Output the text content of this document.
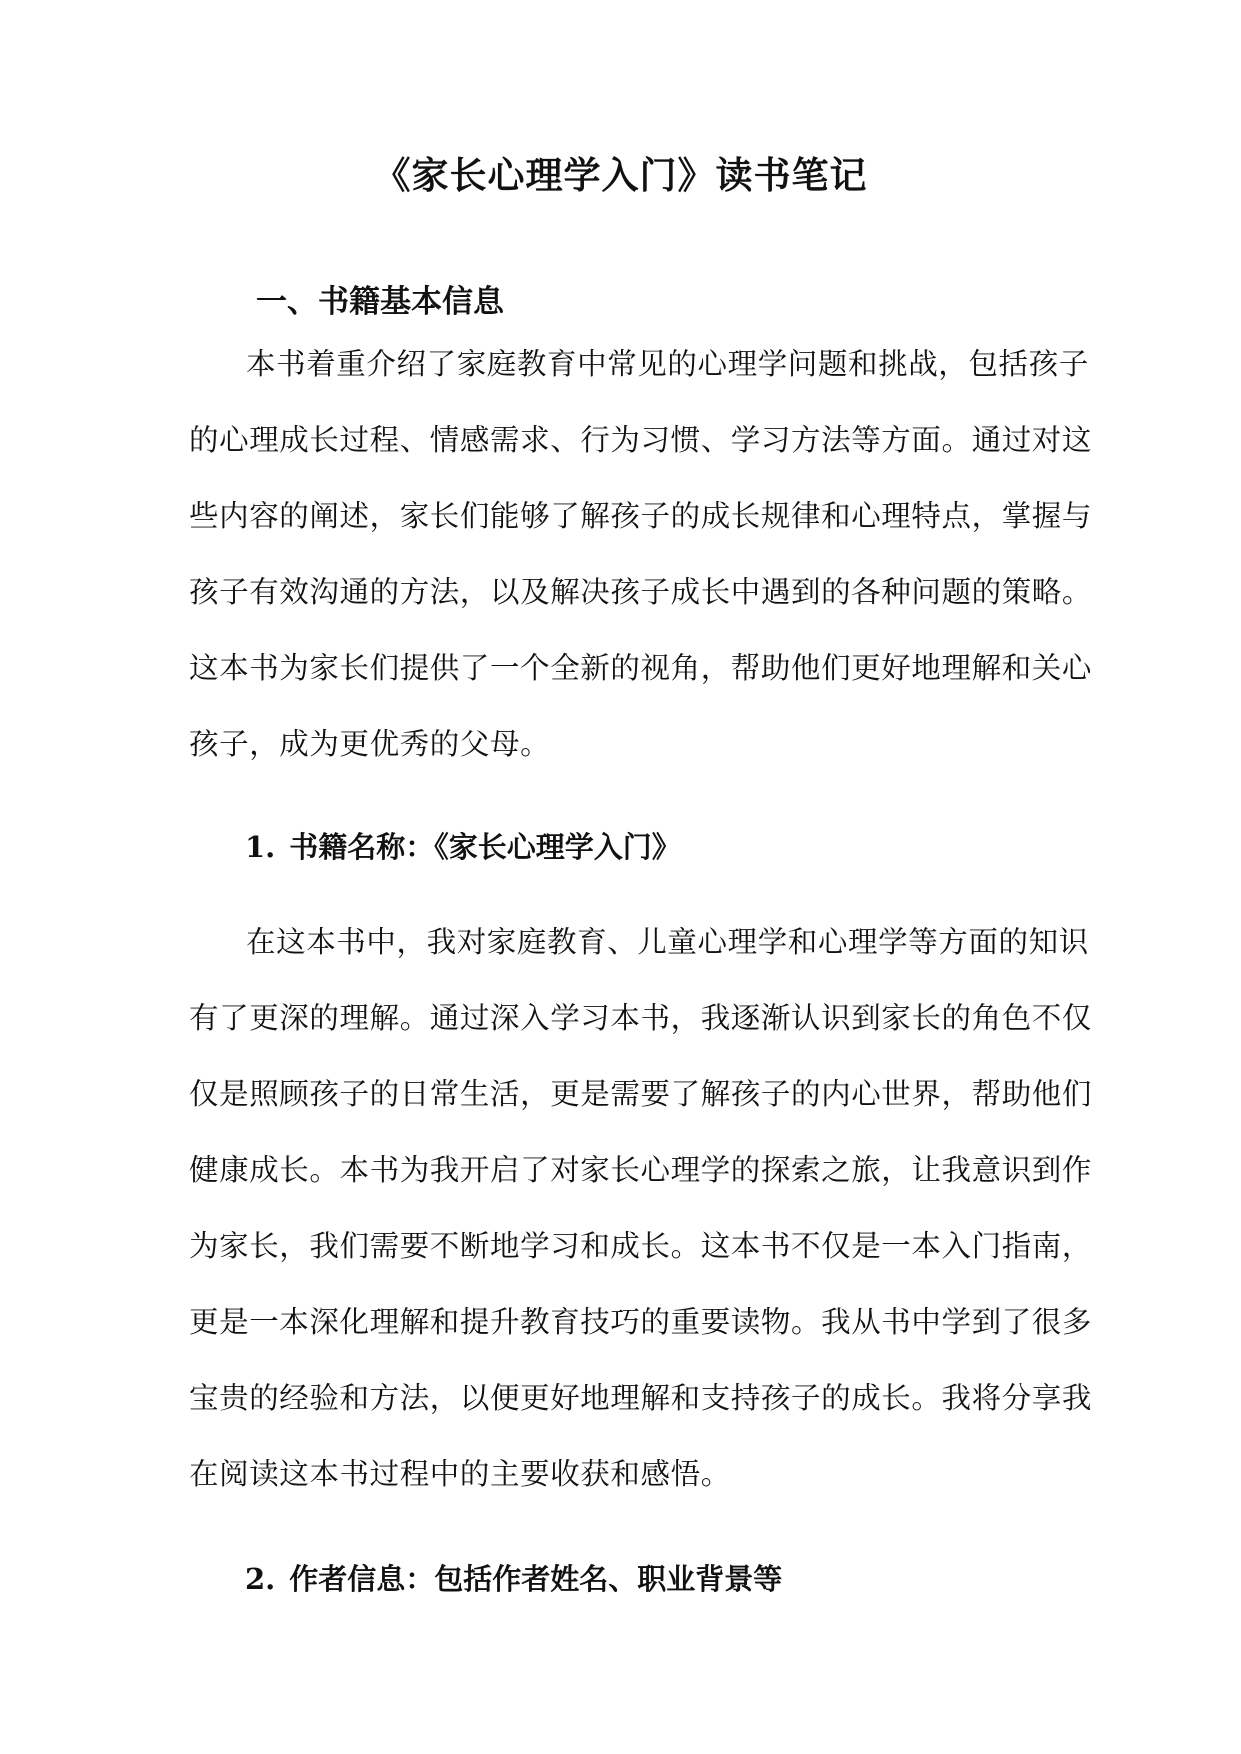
《家长心理学入门》读书笔记
一、书籍基本信息
本书着重介绍了家庭教育中常见的心理学问题和挑战，包括孩子
的心理成长过程、情感需求、行为习惯、学习方法等方面。通过对这
些内容的阐述，家长们能够了解孩子的成长规律和心理特点，掌握与
孩子有效沟通的方法，以及解决孩子成长中遇到的各种问题的策略。
这本书为家长们提供了一个全新的视角，帮助他们更好地理解和关心
孩子，成为更优秀的父母。
1. 书籍名称：《家长心理学入门》
在这本书中，我对家庭教育、儿童心理学和心理学等方面的知识
有了更深的理解。通过深入学习本书，我逐渐认识到家长的角色不仅
仅是照顾孩子的日常生活，更是需要了解孩子的内心世界，帮助他们
健康成长。本书为我开启了对家长心理学的探索之旅，让我意识到作
为家长，我们需要不断地学习和成长。这本书不仅是一本入门指南，
更是一本深化理解和提升教育技巧的重要读物。我从书中学到了很多
宝贵的经验和方法，以便更好地理解和支持孩子的成长。我将分享我
在阅读这本书过程中的主要收获和感悟。
2. 作者信息：包括作者姓名、职业背景等
